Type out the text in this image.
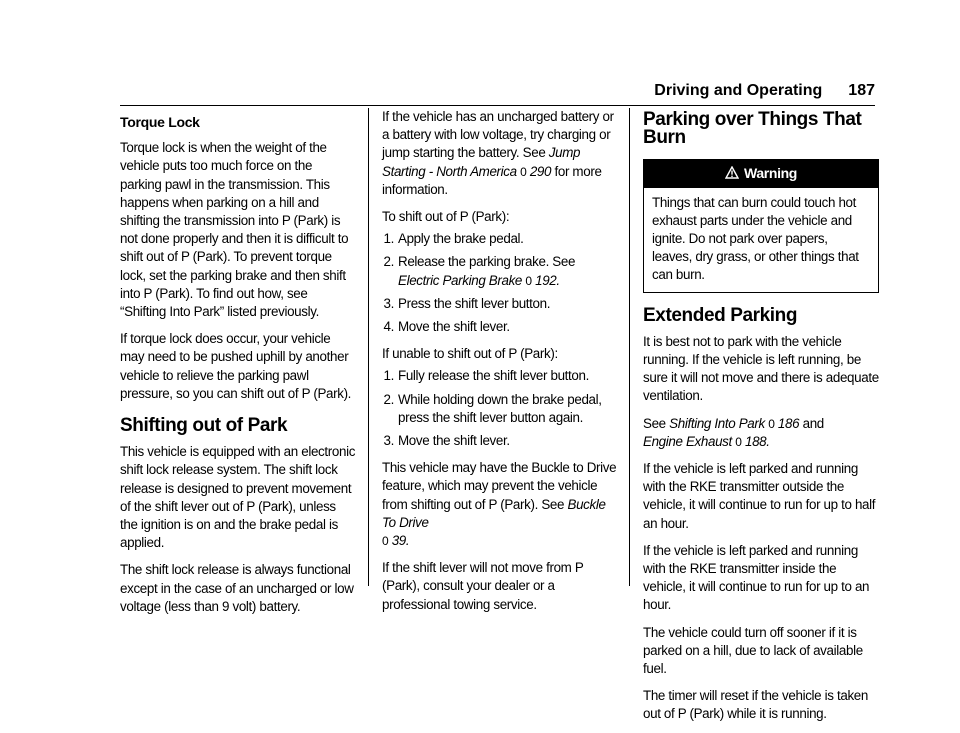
Driving and Operating 187
Torque Lock

Torque lock is when the weight of the vehicle puts too much force on the parking pawl in the transmission. This happens when parking on a hill and shifting the transmission into P (Park) is not done properly and then it is difficult to shift out of P (Park). To prevent torque lock, set the parking brake and then shift into P (Park). To find out how, see “Shifting Into Park” listed previously.

If torque lock does occur, your vehicle may need to be pushed uphill by another vehicle to relieve the parking pawl pressure, so you can shift out of P (Park).

Shifting out of Park

This vehicle is equipped with an electronic shift lock release system. The shift lock release is designed to prevent movement of the shift lever out of P (Park), unless the ignition is on and the brake pedal is applied.

The shift lock release is always functional except in the case of an uncharged or low voltage (less than 9 volt) battery.

If the vehicle has an uncharged battery or a battery with low voltage, try charging or jump starting the battery. See Jump Starting - North America 0 290 for more information.

To shift out of P (Park):

1. Apply the brake pedal.
2. Release the parking brake. See Electric Parking Brake 0 192.
3. Press the shift lever button.
4. Move the shift lever.

If unable to shift out of P (Park):

1. Fully release the shift lever button.
2. While holding down the brake pedal, press the shift lever button again.
3. Move the shift lever.

This vehicle may have the Buckle to Drive feature, which may prevent the vehicle from shifting out of P (Park). See Buckle To Drive
0 39.

If the shift lever will not move from P (Park), consult your dealer or a professional towing service.

Parking over Things That Burn
Warning
Things that can burn could touch hot exhaust parts under the vehicle and ignite. Do not park over papers, leaves, dry grass, or other things that can burn.
Extended Parking

It is best not to park with the vehicle running. If the vehicle is left running, be sure it will not move and there is adequate ventilation.

See Shifting Into Park 0 186 and
Engine Exhaust 0 188.

If the vehicle is left parked and running with the RKE transmitter outside the vehicle, it will continue to run for up to half an hour.

If the vehicle is left parked and running with the RKE transmitter inside the vehicle, it will continue to run for up to an hour.

The vehicle could turn off sooner if it is parked on a hill, due to lack of available fuel.

The timer will reset if the vehicle is taken out of P (Park) while it is running.
